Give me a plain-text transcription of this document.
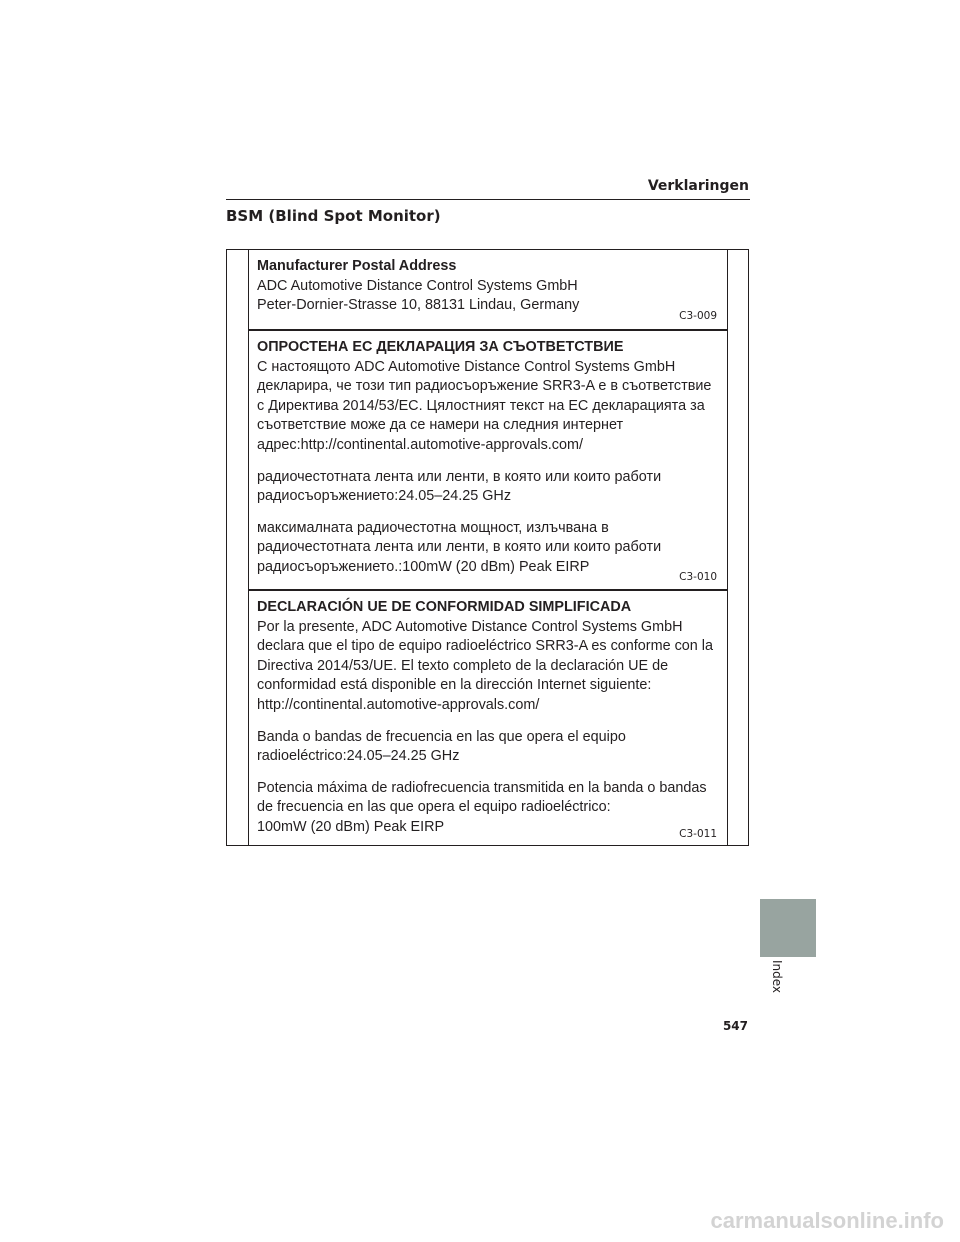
Verklaringen
BSM (Blind Spot Monitor)
Manufacturer Postal Address

ADC Automotive Distance Control Systems GmbH
Peter-Dornier-Strasse 10, 88131 Lindau, Germany

C3-009
ОПРОСТЕНА ЕС ДЕКЛАРАЦИЯ ЗА СЪОТВЕТСТВИЕ

С настоящото ADC Automotive Distance Control Systems GmbH
декларира, че този тип радиосъоръжение SRR3-A е в съответствие
с Директива 2014/53/ЕС. Цялостният текст на ЕС декларацията за
съответствие може да се намери на следния интернет
адрес:http://continental.automotive-approvals.com/

радиочестотната лента или ленти, в която или които работи
радиосъоръжението:24.05–24.25 GHz

максималната радиочестотна мощност, излъчвана в
радиочестотната лента или ленти, в която или които работи
радиосъоръжението.:100mW (20 dBm) Peak EIRP

C3-010
DECLARACIÓN UE DE CONFORMIDAD SIMPLIFICADA

Por la presente, ADC Automotive Distance Control Systems GmbH
declara que el tipo de equipo radioeléctrico SRR3-A es conforme con la
Directiva 2014/53/UE. El texto completo de la declaración UE de
conformidad está disponible en la dirección Internet siguiente:
http://continental.automotive-approvals.com/

Banda o bandas de frecuencia en las que opera el equipo
radioeléctrico:24.05–24.25 GHz

Potencia máxima de radiofrecuencia transmitida en la banda o bandas
de frecuencia en las que opera el equipo radioeléctrico:
100mW (20 dBm) Peak EIRP	C3-011
Index
547
carmanualsonline.info
